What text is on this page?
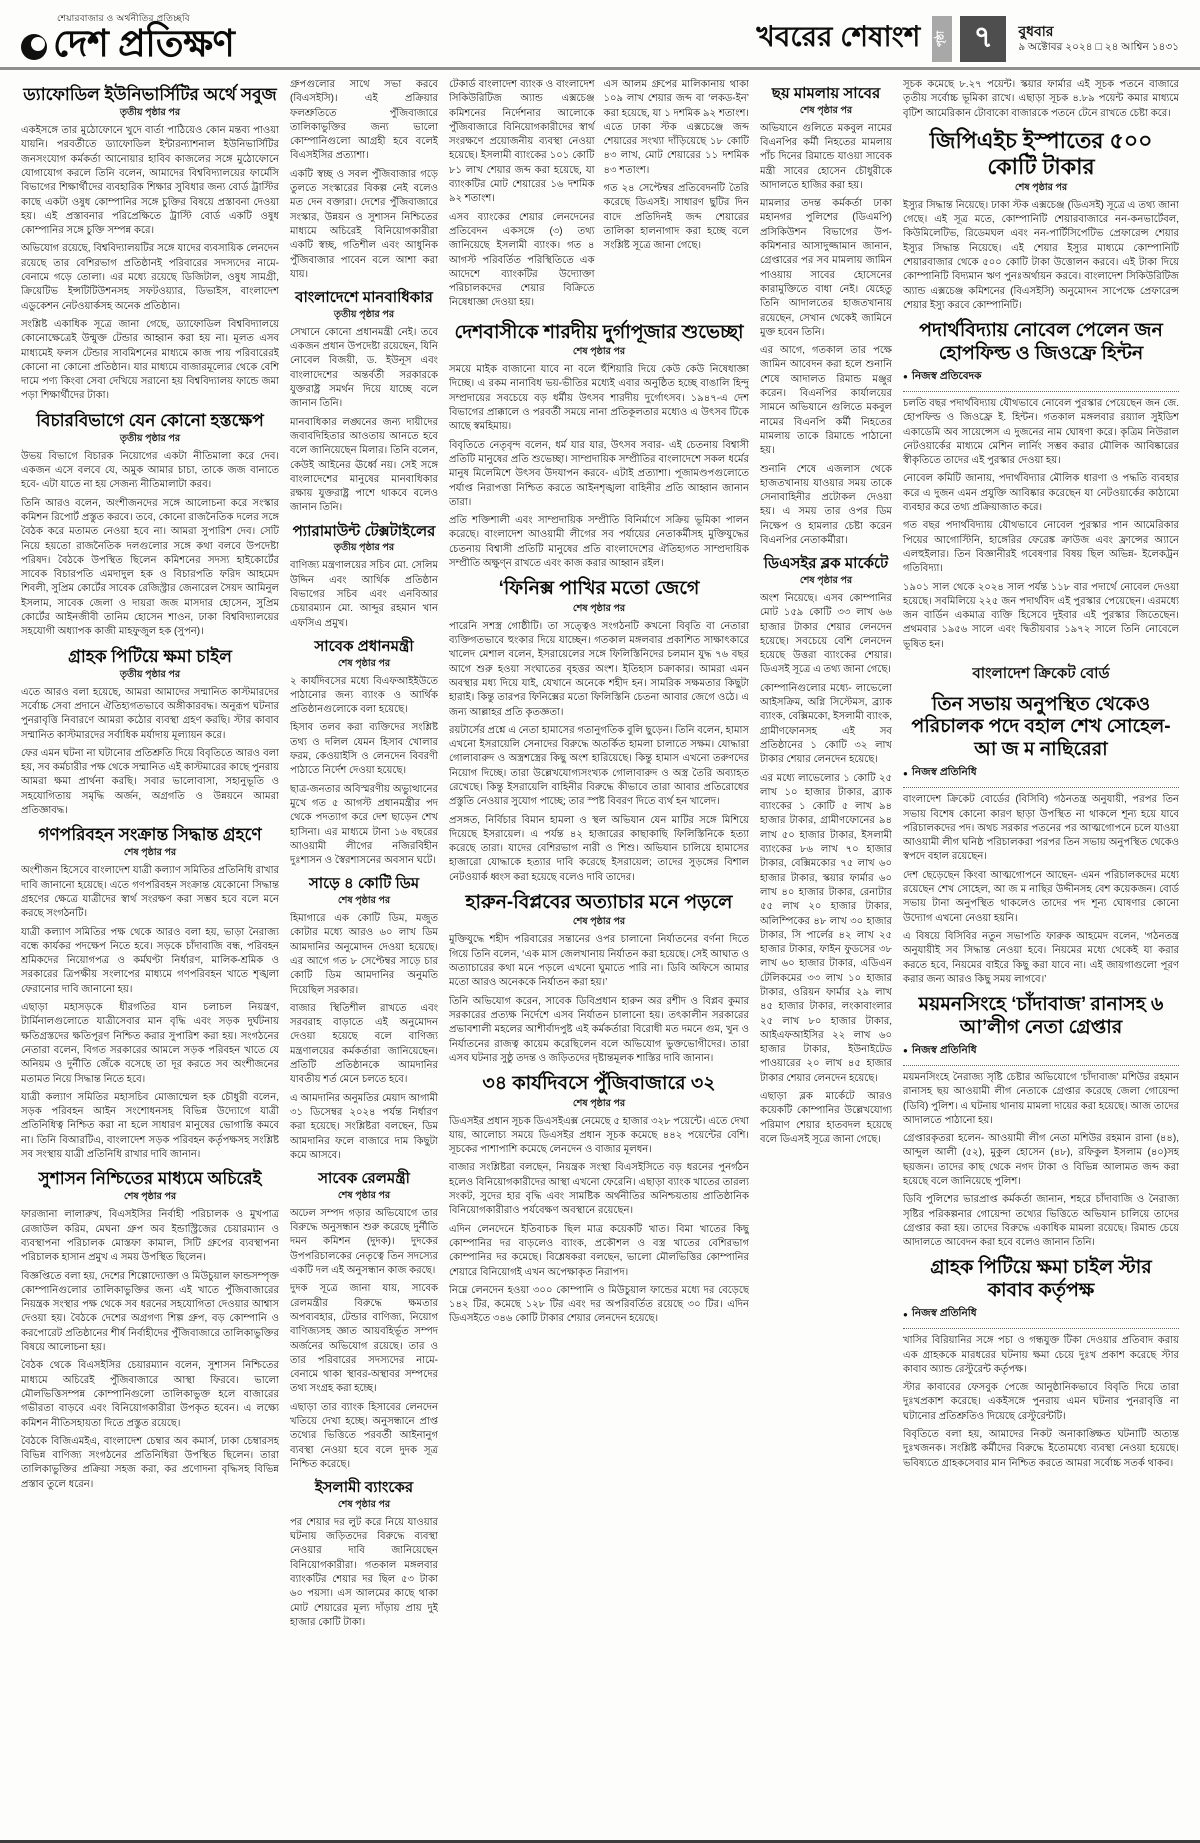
শেয়ারবাজার ও অর্থনীতির প্রতিচ্ছবি
দেশ প্রতিক্ষণ	খবরের শেষাংশ পৃষ্ঠা ৭ বুধবার
৯ অক্টোবর ২০২৪ □ ২৪ আশ্বিন ১৪৩১
ড্যাফোডিল ইউনিভার্সিটির অর্থে সবুজ
তৃতীয় পৃষ্ঠার পর

একইসঙ্গে তার মুঠোফোনে খুদে বার্তা পাঠিয়েও কোন মন্তব্য পাওয়া যায়নি। পরবর্তীতে ড্যাফোডিল ইন্টারন্যাশনাল ইউনিভার্সিটির জনসংযোগ কর্মকর্তা আনোয়ার হাবিব কাজলের সঙ্গে মুঠোফোনে যোগাযোগ করলে তিনি বলেন, আমাদের বিশ্ববিদ্যালয়ের ফার্মেসি বিভাগের শিক্ষার্থীদের ব্যবহারিক শিক্ষার সুবিধার জন্য বোর্ড ট্রাস্টির কাছে একটা ওষুধ কোম্পানির সঙ্গে চুক্তির বিষয়ে প্রস্তাবনা দেওয়া হয়। এই প্রস্তাবনার পরিপ্রেক্ষিতে ট্রাস্টি বোর্ড একটি ওষুধ কোম্পানির সঙ্গে চুক্তি সম্পন্ন করে।

অভিযোগ রয়েছে, বিশ্ববিদ্যালয়টির সঙ্গে যাদের ব্যবসায়িক লেনদেন রয়েছে তার বেশিরভাগ প্রতিষ্ঠানই পরিবারের সদস্যদের নামে-বেনামে গড়ে তোলা। এর মধ্যে রয়েছে ডিজিটাল, ওষুধ সামগ্রী, ক্রিয়েটিভ ইন্সটিটিউশনসহ সফটওয়্যার, ডিভাইস, বাংলাদেশ এডুকেশন নেটওয়ার্কসহ অনেক প্রতিষ্ঠান।

সংশ্লিষ্ট একাধিক সূত্রে জানা গেছে, ড্যাফোডিল বিশ্ববিদ্যালয়ে কোনোক্ষেত্রেই উন্মুক্ত টেন্ডার আহ্বান করা হয় না। মূলত এসব মাধ্যমেই ফলস টেন্ডার সাবমিশনের মাধ্যমে কাজ পায় পরিবারেরই কোনো না কোনো প্রতিষ্ঠান। যার মাধ্যমে বাজারমূল্যের থেকে বেশি দামে পণ্য কিংবা সেবা দেখিয়ে সরানো হয় বিশ্ববিদ্যালয় ফান্ডে জমা পড়া শিক্ষার্থীদের টাকা।

বিচারবিভাগে যেন কোনো হস্তক্ষেপ
তৃতীয় পৃষ্ঠার পর

উভয় বিভাগে বিচারক নিয়োগের একটা নীতিমালা করে দেব। একজন এসে বলবে যে, অমুক আমার চাচা, তাকে জজ বানাতে হবে- এটা যাতে না হয় সেজন্য নীতিমালাটা করব।

তিনি আরও বলেন, অংশীজনদের সঙ্গে আলোচনা করে সংস্কার কমিশন রিপোর্ট প্রস্তুত করবে। তবে, কোনো রাজনৈতিক দলের সঙ্গে বৈঠক করে মতামত নেওয়া হবে না। আমরা সুপারিশ দেব। সেটি নিয়ে হয়তো রাজনৈতিক দলগুলোর সঙ্গে কথা বলবে উপদেষ্টা পরিষদ। বৈঠকে উপস্থিত ছিলেন কমিশনের সদস্য হাইকোর্টের সাবেক বিচারপতি এমদাদুল হক ও বিচারপতি ফরিদ আহমেদ শিবলী, সুপ্রিম কোর্টের সাবেক রেজিস্ট্রার জেনারেল সৈয়দ আমিনুল ইসলাম, সাবেক জেলা ও দায়রা জজ মাসদার হোসেন, সুপ্রিম কোর্টের আইনজীবী তানিম হোসেন শাওন, ঢাকা বিশ্ববিদ্যালয়ের সহযোগী অধ্যাপক কাজী মাহফুজুল হক (সুপন)।

গ্রাহক পিটিয়ে ক্ষমা চাইল
তৃতীয় পৃষ্ঠার পর

এতে আরও বলা হয়েছে, আমরা আমাদের সম্মানিত কাস্টমারদের সর্বোচ্চ সেবা প্রদানে ঐতিহ্যগতভাবে অঙ্গীকারবদ্ধ। অনুরূপ ঘটনার পুনরাবৃত্তি নিবারণে আমরা কঠোর ব্যবস্থা গ্রহণ করছি। স্টার কাবাব সম্মানিত কাস্টমারদের সর্বাধিক মর্যাদায় মূল্যায়ন করে।

ফের এমন ঘটনা না ঘটানোর প্রতিশ্রুতি দিয়ে বিবৃতিতে আরও বলা হয়, সব কর্মচারীর পক্ষ থেকে সম্মানিত এই কাস্টমারের কাছে পুনরায় আমরা ক্ষমা প্রার্থনা করছি। সবার ভালোবাসা, সহানুভূতি ও সহযোগিতায় সমৃদ্ধি অর্জন, অগ্রগতি ও উন্নয়নে আমরা প্রতিজ্ঞাবদ্ধ।

গণপরিবহন সংক্রান্ত সিদ্ধান্ত গ্রহণে
শেষ পৃষ্ঠার পর

অংশীজন হিসেবে বাংলাদেশ যাত্রী কল্যাণ সমিতির প্রতিনিধি রাখার দাবি জানানো হয়েছে। এতে গণপরিবহন সংক্রান্ত যেকোনো সিদ্ধান্ত গ্রহণের ক্ষেত্রে যাত্রীদের স্বার্থ সংরক্ষণ করা সম্ভব হবে বলে মনে করছে সংগঠনটি।

যাত্রী কল্যাণ সমিতির পক্ষ থেকে আরও বলা হয়, ভাড়া নৈরাজ্য বন্ধে কার্যকর পদক্ষেপ নিতে হবে। সড়কে চাঁদাবাজি বন্ধ, পরিবহন শ্রমিকদের নিয়োগপত্র ও কর্মঘণ্টা নির্ধারণ, মালিক-শ্রমিক ও সরকারের ত্রিপক্ষীয় সংলাপের মাধ্যমে গণপরিবহন খাতে শৃঙ্খলা ফেরানোর দাবি জানানো হয়।

এছাড়া মহাসড়কে ধীরগতির যান চলাচল নিয়ন্ত্রণ, টার্মিনালগুলোতে যাত্রীসেবার মান বৃদ্ধি এবং সড়ক দুর্ঘটনায় ক্ষতিগ্রস্তদের ক্ষতিপূরণ নিশ্চিত করার সুপারিশ করা হয়। সংগঠনের নেতারা বলেন, বিগত সরকারের আমলে সড়ক পরিবহন খাতে যে অনিয়ম ও দুর্নীতি জেঁকে বসেছে তা দূর করতে সব অংশীজনের মতামত নিয়ে সিদ্ধান্ত নিতে হবে।

যাত্রী কল্যাণ সমিতির মহাসচিব মোজাম্মেল হক চৌধুরী বলেন, সড়ক পরিবহন আইন সংশোধনসহ বিভিন্ন উদ্যোগে যাত্রী প্রতিনিধিত্ব নিশ্চিত করা না হলে সাধারণ মানুষের ভোগান্তি কমবে না। তিনি বিআরটিএ, বাংলাদেশ সড়ক পরিবহন কর্তৃপক্ষসহ সংশ্লিষ্ট সব সংস্থায় যাত্রী প্রতিনিধি রাখার দাবি জানান।

সুশাসন নিশ্চিতের মাধ্যমে অচিরেই
শেষ পৃষ্ঠার পর

ফারজানা লালারুখ, বিএসইসির নির্বাহী পরিচালক ও মুখপাত্র রেজাউল করিম, মেঘনা গ্রুপ অব ইন্ডাস্ট্রিজের চেয়ারম্যান ও ব্যবস্থাপনা পরিচালক মোস্তফা কামাল, সিটি গ্রুপের ব্যবস্থাপনা পরিচালক হাসান প্রমুখ এ সময় উপস্থিত ছিলেন।

বিজ্ঞপ্তিতে বলা হয়, দেশের শিল্পোদ্যোক্তা ও মিউচুয়াল ফান্ডসম্পৃক্ত কোম্পানিগুলোর তালিকাভুক্তির জন্য এই খাতে পুঁজিবাজারের নিয়ন্ত্রক সংস্থার পক্ষ থেকে সব ধরনের সহযোগিতা দেওয়ার আশ্বাস দেওয়া হয়। বৈঠকে দেশের অগ্রগণ্য শিল্প গ্রুপ, বড় কোম্পানি ও করপোরেট প্রতিষ্ঠানের শীর্ষ নির্বাহীদের পুঁজিবাজারে তালিকাভুক্তির বিষয়ে আলোচনা হয়।

বৈঠক থেকে বিএসইসির চেয়ারম্যান বলেন, সুশাসন নিশ্চিতের মাধ্যমে অচিরেই পুঁজিবাজারে আস্থা ফিরবে। ভালো মৌলভিত্তিসম্পন্ন কোম্পানিগুলো তালিকাভুক্ত হলে বাজারের গভীরতা বাড়বে এবং বিনিয়োগকারীরা উপকৃত হবেন। এ লক্ষ্যে কমিশন নীতিসহায়তা দিতে প্রস্তুত রয়েছে।

বৈঠকে বিজিএমইএ, বাংলাদেশ চেম্বার অব কমার্স, ঢাকা চেম্বারসহ বিভিন্ন বাণিজ্য সংগঠনের প্রতিনিধিরা উপস্থিত ছিলেন। তারা তালিকাভুক্তির প্রক্রিয়া সহজ করা, কর প্রণোদনা বৃদ্ধিসহ বিভিন্ন প্রস্তাব তুলে ধরেন।

গ্রুপগুলোর সাথে সভা করবে (বিএসইসি)। এই প্রক্রিয়ার ফলশ্রুতিতে পুঁজিবাজারে তালিকাভুক্তির জন্য ভালো কোম্পানিগুলো আগ্রহী হবে বলেই বিএসইসির প্রত্যাশা।

একটি স্বচ্ছ ও সবল পুঁজিবাজার গড়ে তুলতে সংস্কারের বিকল্প নেই বলেও মত দেন বক্তারা। দেশের পুঁজিবাজারে সংস্কার, উন্নয়ন ও সুশাসন নিশ্চিতের মাধ্যমে অচিরেই বিনিয়োগকারীরা একটি স্বচ্ছ, গতিশীল এবং আধুনিক পুঁজিবাজার পাবেন বলে আশা করা যায়।

বাংলাদেশে মানবাধিকার
তৃতীয় পৃষ্ঠার পর

সেখানে কোনো প্রধানমন্ত্রী নেই। তবে একজন প্রধান উপদেষ্টা রয়েছেন, যিনি নোবেল বিজয়ী, ড. ইউনূস এবং বাংলাদেশের অন্তর্বর্তী সরকারকে যুক্তরাষ্ট্র সমর্থন দিয়ে যাচ্ছে বলে জানান তিনি।

মানবাধিকার লঙ্ঘনের জন্য দায়ীদের জবাবদিহিতার আওতায় আনতে হবে বলে জানিয়েছেন মিলার। তিনি বলেন, কেউই আইনের ঊর্ধ্বে নয়। সেই সঙ্গে বাংলাদেশের মানুষের মানবাধিকার রক্ষায় যুক্তরাষ্ট্র পাশে থাকবে বলেও জানান তিনি।

প্যারামাউন্ট টেক্সটাইলের
তৃতীয় পৃষ্ঠার পর

বাণিজ্য মন্ত্রণালয়ের সচিব মো. সেলিম উদ্দিন এবং আর্থিক প্রতিষ্ঠান বিভাগের সচিব এবং এনবিআর চেয়ারম্যান মো. আব্দুর রহমান খান এফসিএ প্রমুখ।

সাবেক প্রধানমন্ত্রী
শেষ পৃষ্ঠার পর

২ কার্যদিবসের মধ্যে বিএফআইইউতে পাঠানোর জন্য ব্যাংক ও আর্থিক প্রতিষ্ঠানগুলোকে বলা হয়েছে।

হিসাব তলব করা ব্যক্তিদের সংশ্লিষ্ট তথ্য ও দলিল যেমন হিসাব খোলার ফরম, কেওয়াইসি ও লেনদেন বিবরণী পাঠাতে নির্দেশ দেওয়া হয়েছে।

ছাত্র-জনতার অবিস্মরণীয় অভ্যুত্থানের মুখে গত ৫ আগস্ট প্রধানমন্ত্রীর পদ থেকে পদত্যাগ করে দেশ ছাড়েন শেখ হাসিনা। এর মাধ্যমে টানা ১৬ বছরের আওয়ামী লীগের নজিরবিহীন দুঃশাসন ও স্বৈরশাসনের অবসান ঘটে।

সাড়ে ৪ কোটি ডিম
শেষ পৃষ্ঠার পর

হিমাগারে এক কোটি ডিম, মজুত কোটার মধ্যে আরও ৬০ লাখ ডিম আমদানির অনুমোদন দেওয়া হয়েছে। এর আগে গত ৮ সেপ্টেম্বর সাড়ে চার কোটি ডিম আমদানির অনুমতি দিয়েছিল সরকার।

বাজার স্থিতিশীল রাখতে এবং সরবরাহ বাড়াতে এই অনুমোদন দেওয়া হয়েছে বলে বাণিজ্য মন্ত্রণালয়ের কর্মকর্তারা জানিয়েছেন। প্রতিটি প্রতিষ্ঠানকে আমদানির যাবতীয় শর্ত মেনে চলতে হবে।

এ আমদানির অনুমতির মেয়াদ আগামী ৩১ ডিসেম্বর ২০২৪ পর্যন্ত নির্ধারণ করা হয়েছে। সংশ্লিষ্টরা বলছেন, ডিম আমদানির ফলে বাজারে দাম কিছুটা কমে আসবে।

সাবেক রেলমন্ত্রী
শেষ পৃষ্ঠার পর

অঢেল সম্পদ গড়ার অভিযোগে তার বিরুদ্ধে অনুসন্ধান শুরু করেছে দুর্নীতি দমন কমিশন (দুদক)। দুদকের উপপরিচালকের নেতৃত্বে তিন সদস্যের একটি দল এই অনুসন্ধান কাজ করছে।

দুদক সূত্রে জানা যায়, সাবেক রেলমন্ত্রীর বিরুদ্ধে ক্ষমতার অপব্যবহার, টেন্ডার বাণিজ্য, নিয়োগ বাণিজ্যসহ জ্ঞাত আয়বহির্ভূত সম্পদ অর্জনের অভিযোগ রয়েছে। তার ও তার পরিবারের সদস্যদের নামে-বেনামে থাকা স্থাবর-অস্থাবর সম্পদের তথ্য সংগ্রহ করা হচ্ছে।

এছাড়া তার ব্যাংক হিসাবের লেনদেন খতিয়ে দেখা হচ্ছে। অনুসন্ধানে প্রাপ্ত তথ্যের ভিত্তিতে পরবর্তী আইনানুগ ব্যবস্থা নেওয়া হবে বলে দুদক সূত্র নিশ্চিত করেছে।

ইসলামী ব্যাংকের
শেষ পৃষ্ঠার পর

পর শেয়ার দর লুট করে নিয়ে যাওয়ার ঘটনায় জড়িতদের বিরুদ্ধে ব্যবস্থা নেওয়ার দাবি জানিয়েছেন বিনিয়োগকারীরা। গতকাল মঙ্গলবার ব্যাংকটির শেয়ার দর ছিল ৫৩ টাকা ৬০ পয়সা। এস আলমের কাছে থাকা মোট শেয়ারের মূল্য দাঁড়ায় প্রায় দুই হাজার কোটি টাকা।

টেকার্ড বাংলাদেশ ব্যাংক ও বাংলাদেশ সিকিউরিটিজ অ্যান্ড এক্সচেঞ্জ কমিশনের নির্দেশনার আলোকে পুঁজিবাজারে বিনিয়োগকারীদের স্বার্থ সংরক্ষণে প্রয়োজনীয় ব্যবস্থা নেওয়া হয়েছে। ইসলামী ব্যাংকের ১০১ কোটি ৮১ লাখ শেয়ার জব্দ করা হয়েছে, যা ব্যাংকটির মোট শেয়ারের ১৬ দশমিক ৯২ শতাংশ।

এসব ব্যাংকের শেয়ার লেনদেনের প্রতিবেদন একসঙ্গে (৩) তথ্য জানিয়েছে ইসলামী ব্যাংক। গত ৪ আগস্ট পরিবর্তিত পরিস্থিতিতে এক আদেশে ব্যাংকটির উদ্যোক্তা পরিচালকদের শেয়ার বিক্রিতে নিষেধাজ্ঞা দেওয়া হয়।

এস আলম গ্রুপের মালিকানায় থাকা ১০৯ লাখ শেয়ার জব্দ বা ‘লকড-ইন’ করা হয়েছে, যা ১ দশমিক ৯২ শতাংশ। এতে ঢাকা স্টক এক্সচেঞ্জে জব্দ শেয়ারের সংখ্যা দাঁড়িয়েছে ১৮ কোটি ৪৩ লাখ, মোট শেয়ারের ১১ দশমিক ৪৩ শতাংশ।

গত ২৪ সেপ্টেম্বর প্রতিবেদনটি তৈরি করেছে ডিএসই। সাধারণ ছুটির দিন বাদে প্রতিদিনই জব্দ শেয়ারের তালিকা হালনাগাদ করা হচ্ছে বলে সংশ্লিষ্ট সূত্রে জানা গেছে।

দেশবাসীকে শারদীয় দুর্গাপূজার শুভেচ্ছা
শেষ পৃষ্ঠার পর

সময়ে মাইক বাজানো যাবে না বলে হুঁশিয়ারি দিয়ে কেউ কেউ নিষেধাজ্ঞা দিচ্ছে। এ রকম নানাবিধ ভয়-ভীতির মধ্যেই এবার অনুষ্ঠিত হচ্ছে বাঙালি হিন্দু সম্প্রদায়ের সবচেয়ে বড় ধর্মীয় উৎসব শারদীয় দুর্গোৎসব। ১৯৪৭-এ দেশ বিভাগের প্রাক্কালে ও পরবর্তী সময়ে নানা প্রতিকূলতার মধ্যেও এ উৎসব টিকে আছে স্বমহিমায়।

বিবৃতিতে নেতৃবৃন্দ বলেন, ধর্ম যার যার, উৎসব সবার- এই চেতনায় বিশ্বাসী প্রতিটি মানুষের প্রতি শুভেচ্ছা। সাম্প্রদায়িক সম্প্রীতির বাংলাদেশে সকল ধর্মের মানুষ মিলেমিশে উৎসব উদযাপন করবে- এটাই প্রত্যাশা। পূজামণ্ডপগুলোতে পর্যাপ্ত নিরাপত্তা নিশ্চিত করতে আইনশৃঙ্খলা বাহিনীর প্রতি আহ্বান জানান তারা।

প্রতি শক্তিশালী এবং সাম্প্রদায়িক সম্প্রীতি বিনির্মাণে সক্রিয় ভূমিকা পালন করেছে। বাংলাদেশ আওয়ামী লীগের সব পর্যায়ের নেতাকর্মীসহ মুক্তিযুদ্ধের চেতনায় বিশ্বাসী প্রতিটি মানুষের প্রতি বাংলাদেশের ঐতিহ্যগত সাম্প্রদায়িক সম্প্রীতি অক্ষুণ্ন রাখতে এবং কাজ করার আহ্বান রইল।

‘ফিনিক্স পাখির মতো জেগে
শেষ পৃষ্ঠার পর

পারেনি সশস্ত্র গোষ্ঠীটি। তা সত্ত্বেও সংগঠনটি কখনো বিবৃতি বা নেতারা ব্যক্তিগতভাবে হুংকার দিয়ে যাচ্ছেন। গতকাল মঙ্গলবার প্রকাশিত সাক্ষাৎকারে খালেদ মেশাল বলেন, ইসরায়েলের সঙ্গে ফিলিস্তিনিদের চলমান যুদ্ধ ৭৬ বছর আগে শুরু হওয়া সংঘাতের বৃহত্তর অংশ। ইতিহাস চক্রাকার। আমরা এমন অবস্থার মধ্য দিয়ে যাই, যেখানে অনেকে শহীদ হন। সামরিক সক্ষমতার কিছুটা হারাই। কিন্তু তারপর ফিনিক্সের মতো ফিলিস্তিনি চেতনা আবার জেগে ওঠে। এ জন্য আল্লাহর প্রতি কৃতজ্ঞতা।

রয়টার্সের প্রশ্নে এ নেতা হামাসের গতানুগতিক বুলি ছুড়েন। তিনি বলেন, হামাস এখনো ইসরায়েলি সেনাদের বিরুদ্ধে অতর্কিত হামলা চালাতে সক্ষম। যোদ্ধারা গোলাবারুদ ও অস্ত্রশস্ত্রের কিছু অংশ হারিয়েছে। কিন্তু হামাস এখনো তরুণদের নিয়োগ দিচ্ছে। তারা উল্লেখযোগ্যসংখ্যক গোলাবারুদ ও অস্ত্র তৈরি অব্যাহত রেখেছে। কিন্তু ইসরায়েলি বাহিনীর বিরুদ্ধে কীভাবে তারা আবার প্রতিরোধের প্রস্তুতি নেওয়ার সুযোগ পাচ্ছে; তার স্পষ্ট বিবরণ দিতে ব্যর্থ হন খালেদ।

প্রসঙ্গত, নির্বিচার বিমান হামলা ও স্থল অভিযান যেন মাটির সঙ্গে মিশিয়ে দিয়েছে ইসরায়েল। এ পর্যন্ত ৪২ হাজারের কাছাকাছি ফিলিস্তিনিকে হত্যা করেছে তারা। যাদের বেশিরভাগ নারী ও শিশু। অভিযান চালিয়ে হামাসের হাজারো যোদ্ধাকে হত্যার দাবি করেছে ইসরায়েল; তাদের সুড়ঙ্গের বিশাল নেটওয়ার্ক ধ্বংস করা হয়েছে বলেও দাবি তাদের।

হারুন-বিপ্লবের অত্যাচার মনে পড়লে
শেষ পৃষ্ঠার পর

মুক্তিযুদ্ধে শহীদ পরিবারের সন্তানের ওপর চালানো নির্যাতনের বর্ণনা দিতে গিয়ে তিনি বলেন, ‘এক মাস জেলখানায় নির্যাতন করা হয়েছে। সেই আঘাত ও অত্যাচারের কথা মনে পড়লে এখনো ঘুমাতে পারি না। ডিবি অফিসে আমার মতো আরও অনেককে নির্যাতন করা হয়।’

তিনি অভিযোগ করেন, সাবেক ডিবিপ্রধান হারুন অর রশীদ ও বিপ্লব কুমার সরকারের প্রত্যক্ষ নির্দেশে এসব নির্যাতন চালানো হয়। তৎকালীন সরকারের প্রভাবশালী মহলের আশীর্বাদপুষ্ট এই কর্মকর্তারা বিরোধী মত দমনে গুম, খুন ও নির্যাতনের রাজত্ব কায়েম করেছিলেন বলে অভিযোগ ভুক্তভোগীদের। তারা এসব ঘটনার সুষ্ঠু তদন্ত ও জড়িতদের দৃষ্টান্তমূলক শাস্তির দাবি জানান।

৩৪ কার্যদিবসে পুঁজিবাজারে ৩২
শেষ পৃষ্ঠার পর

ডিএসইর প্রধান সূচক ডিএসইএক্স নেমেছে ৫ হাজার ৩২৮ পয়েন্টে। এতে দেখা যায়, আলোচ্য সময়ে ডিএসইর প্রধান সূচক কমেছে ৪৪২ পয়েন্টের বেশি। সূচকের পাশাপাশি কমেছে লেনদেন ও বাজার মূলধন।

বাজার সংশ্লিষ্টরা বলছেন, নিয়ন্ত্রক সংস্থা বিএসইসিতে বড় ধরনের পুনর্গঠন হলেও বিনিয়োগকারীদের আস্থা এখনো ফেরেনি। এছাড়া ব্যাংক খাতের তারল্য সংকট, সুদের হার বৃদ্ধি এবং সামষ্টিক অর্থনীতির অনিশ্চয়তায় প্রাতিষ্ঠানিক বিনিয়োগকারীরাও পর্যবেক্ষণ অবস্থানে রয়েছেন।

এদিন লেনদেনে ইতিবাচক ছিল মাত্র কয়েকটি খাত। বিমা খাতের কিছু কোম্পানির দর বাড়লেও ব্যাংক, প্রকৌশল ও বস্ত্র খাতের বেশিরভাগ কোম্পানির দর কমেছে। বিশ্লেষকরা বলছেন, ভালো মৌলভিত্তির কোম্পানির শেয়ারে বিনিয়োগই এখন অপেক্ষাকৃত নিরাপদ।

নিম্নে লেনদেন হওয়া ৩০০ কোম্পানি ও মিউচুয়াল ফান্ডের মধ্যে দর বেড়েছে ১৪২ টির, কমেছে ১২৮ টির এবং দর অপরিবর্তিত রয়েছে ৩০ টির। এদিন ডিএসইতে ৩৪৬ কোটি টাকার শেয়ার লেনদেন হয়েছে।

ছয় মামলায় সাবের
শেষ পৃষ্ঠার পর

অভিযানে গুলিতে মকবুল নামের বিএনপির কর্মী নিহতের মামলায় পাঁচ দিনের রিমান্ডে যাওয়া সাবেক মন্ত্রী সাবের হোসেন চৌধুরীকে আদালতে হাজির করা হয়।

মামলার তদন্ত কর্মকর্তা ঢাকা মহানগর পুলিশের (ডিএমপি) প্রসিকিউশন বিভাগের উপ-কমিশনার আসাদুজ্জামান জানান, গ্রেপ্তারের পর সব মামলায় জামিন পাওয়ায় সাবের হোসেনের কারামুক্তিতে বাধা নেই। যেহেতু তিনি আদালতের হাজতখানায় রয়েছেন, সেখান থেকেই জামিনে মুক্ত হবেন তিনি।

এর আগে, গতকাল তার পক্ষে জামিন আবেদন করা হলে শুনানি শেষে আদালত রিমান্ড মঞ্জুর করেন। বিএনপির কার্যালয়ের সামনে অভিযানে গুলিতে মকবুল নামের বিএনপি কর্মী নিহতের মামলায় তাকে রিমান্ডে পাঠানো হয়।

শুনানি শেষে এজলাস থেকে হাজতখানায় যাওয়ার সময় তাকে সেনাবাহিনীর প্রটোকল দেওয়া হয়। এ সময় তার ওপর ডিম নিক্ষেপ ও হামলার চেষ্টা করেন বিএনপির নেতাকর্মীরা।

ডিএসইর ব্লক মার্কেটে
শেষ পৃষ্ঠার পর

অংশ নিয়েছে। এসব কোম্পানির মোট ১৫৯ কোটি ৩৩ লাখ ৬৬ হাজার টাকার শেয়ার লেনদেন হয়েছে। সবচেয়ে বেশি লেনদেন হয়েছে উত্তরা ব্যাংকের শেয়ার। ডিএসই সূত্রে এ তথ্য জানা গেছে।

কোম্পানিগুলোর মধ্যে- লাভেলো আইসক্রিম, অগ্নি সিস্টেমস, ব্র্যাক ব্যাংক, বেক্সিমকো, ইসলামী ব্যাংক, গ্রামীণফোনসহ এই সব প্রতিষ্ঠানের ১ কোটি ৩২ লাখ টাকার শেয়ার লেনদেন হয়েছে।

এর মধ্যে লাভেলোর ১ কোটি ২৫ লাখ ১০ হাজার টাকার, ব্র্যাক ব্যাংকের ১ কোটি ৫ লাখ ৯৪ হাজার টাকার, গ্রামীণফোনের ৯৪ লাখ ৫০ হাজার টাকার, ইসলামী ব্যাংকের ৮৬ লাখ ৭০ হাজার টাকার, বেক্সিমকোর ৭৫ লাখ ৬০ হাজার টাকার, স্কয়ার ফার্মার ৬০ লাখ ৪০ হাজার টাকার, রেনাটার ৫৫ লাখ ২০ হাজার টাকার, অলিম্পিকের ৪৮ লাখ ৩০ হাজার টাকার, সি পার্লের ৪২ লাখ ২৫ হাজার টাকার, ফাইন ফুডসের ৩৮ লাখ ৬০ হাজার টাকার, এডিএন টেলিকমের ৩৩ লাখ ১০ হাজার টাকার, ওরিয়ন ফার্মার ২৯ লাখ ৪৫ হাজার টাকার, লংকাবাংলার ২৫ লাখ ৮০ হাজার টাকার, আইএফআইসির ২২ লাখ ৬০ হাজার টাকার, ইউনাইটেড পাওয়ারের ২০ লাখ ৪৫ হাজার টাকার শেয়ার লেনদেন হয়েছে।

এছাড়া ব্লক মার্কেটে আরও কয়েকটি কোম্পানির উল্লেখযোগ্য পরিমাণ শেয়ার হাতবদল হয়েছে বলে ডিএসই সূত্রে জানা গেছে।

সূচক কমেছে ৮.২৭ পয়েন্ট। স্কয়ার ফার্মার এই সূচক পতনে বাজারে তৃতীয় সর্বোচ্চ ভূমিকা রাখে। এছাড়া সূচক ৪.৮৯ পয়েন্ট কমার মাধ্যমে বৃটিশ আমেরিকান টোবাকো বাজারকে পতনে টেনে রাখতে চেষ্টা করে।

জিপিএইচ ইস্পাতের ৫০০ কোটি টাকার
শেষ পৃষ্ঠার পর

ইস্যুর সিদ্ধান্ত নিয়েছে। ঢাকা স্টক এক্সচেঞ্জ (ডিএসই) সূত্রে এ তথ্য জানা গেছে। এই সূত্র মতে, কোম্পানিটি শেয়ারবাজারে নন-কনভার্টেবল, কিউমিলেটিভ, রিডেমঘল এবং নন-পার্টিসিপেটিভ প্রেফারেন্স শেয়ার ইস্যুর সিদ্ধান্ত নিয়েছে। এই শেয়ার ইস্যুর মাধ্যমে কোম্পানিটি শেয়ারবাজার থেকে ৫০০ কোটি টাকা উত্তোলন করবে। এই টাকা দিয়ে কোম্পানিটি বিদ্যমান ঋণ পুনঃঅর্থায়ন করবে। বাংলাদেশ সিকিউরিটিজ অ্যান্ড এক্সচেঞ্জ কমিশনের (বিএসইসি) অনুমোদন সাপেক্ষে প্রেফারেন্স শেয়ার ইস্যু করবে কোম্পানিটি।

পদার্থবিদ্যায় নোবেল পেলেন জন হোপফিল্ড ও জিওফ্রে হিন্টন
● নিজস্ব প্রতিবেদক

চলতি বছর পদার্থবিদ্যায় যৌথভাবে নোবেল পুরস্কার পেয়েছেন জন জে. হোপফিল্ড ও জিওফ্রে ই. হিন্টন। গতকাল মঙ্গলবার রয়্যাল সুইডিশ একাডেমি অব সায়েন্সেস এ দুজনের নাম ঘোষণা করে। কৃত্রিম নিউরাল নেটওয়ার্কের মাধ্যমে মেশিন লার্নিং সম্ভব করার মৌলিক আবিষ্কারের স্বীকৃতিতে তাদের এই পুরস্কার দেওয়া হয়।

নোবেল কমিটি জানায়, পদার্থবিদ্যার মৌলিক ধারণা ও পদ্ধতি ব্যবহার করে এ দুজন এমন প্রযুক্তি আবিষ্কার করেছেন যা নেটওয়ার্কের কাঠামো ব্যবহার করে তথ্য প্রক্রিয়াজাত করে।

গত বছর পদার্থবিদ্যায় যৌথভাবে নোবেল পুরস্কার পান আমেরিকার পিয়ের আগোস্টিনি, হাঙ্গেরির ফেরেঙ্ক ক্রাউজ এবং ফ্রান্সের অ্যানে এলহুইলার। তিন বিজ্ঞানীরই গবেষণার বিষয় ছিল অভিন্ন- ইলেকট্রন গতিবিদ্যা।

১৯০১ সাল থেকে ২০২৪ সাল পর্যন্ত ১১৮ বার পদার্থে নোবেল দেওয়া হয়েছে। সবমিলিয়ে ২২৫ জন পদার্থবিদ এই পুরস্কার পেয়েছেন। এরমধ্যে জন বার্ডিন একমাত্র ব্যক্তি হিসেবে দুইবার এই পুরস্কার জিতেছেন। প্রথমবার ১৯৫৬ সালে এবং দ্বিতীয়বার ১৯৭২ সালে তিনি নোবেলে ভূষিত হন।

বাংলাদেশ ক্রিকেট বোর্ড
তিন সভায় অনুপস্থিত থেকেও পরিচালক পদে বহাল শেখ সোহেল-আ জ ম নাছিরেরা
● নিজস্ব প্রতিনিধি

বাংলাদেশ ক্রিকেট বোর্ডের (বিসিবি) গঠনতন্ত্র অনুযায়ী, পরপর তিন সভায় বিশেষ কোনো কারণ ছাড়া উপস্থিত না থাকলে শূন্য হয়ে যাবে পরিচালকদের পদ। অথচ সরকার পতনের পর আত্মগোপনে চলে যাওয়া আওয়ামী লীগ ঘনিষ্ঠ পরিচালকরা পরপর তিন সভায় অনুপস্থিত থেকেও স্বপদে বহাল রয়েছেন।

দেশ ছেড়েছেন কিংবা আত্মগোপনে আছেন- এমন পরিচালকদের মধ্যে রয়েছেন শেখ সোহেল, আ জ ম নাছির উদ্দীনসহ বেশ কয়েকজন। বোর্ড সভায় টানা অনুপস্থিত থাকলেও তাদের পদ শূন্য ঘোষণার কোনো উদ্যোগ এখনো নেওয়া হয়নি।

এ বিষয়ে বিসিবির নতুন সভাপতি ফারুক আহমেদ বলেন, ‘গঠনতন্ত্র অনুযায়ীই সব সিদ্ধান্ত নেওয়া হবে। নিয়মের মধ্যে থেকেই যা করার করতে হবে, নিয়মের বাইরে কিছু করা যাবে না। এই জায়গাগুলো পূরণ করার জন্য আরও কিছু সময় লাগবে।’

ময়মনসিংহে ‘চাঁদাবাজ’ রানাসহ ৬ আ’লীগ নেতা গ্রেপ্তার
● নিজস্ব প্রতিনিধি

ময়মনসিংহে নৈরাজ্য সৃষ্টি চেষ্টার অভিযোগে ‘চাঁদাবাজ’ মশিউর রহমান রানাসহ ছয় আওয়ামী লীগ নেতাকে গ্রেপ্তার করেছে জেলা গোয়েন্দা (ডিবি) পুলিশ। এ ঘটনায় থানায় মামলা দায়ের করা হয়েছে। আজ তাদের আদালতে পাঠানো হয়।

গ্রেপ্তারকৃতরা হলেন- আওয়ামী লীগ নেতা মশিউর রহমান রানা (৪৪), আব্দুল আলী (৫২), মুকুল হোসেন (৪৮), রফিকুল ইসলাম (৪০)সহ ছয়জন। তাদের কাছ থেকে নগদ টাকা ও বিভিন্ন আলামত জব্দ করা হয়েছে বলে জানিয়েছে পুলিশ।

ডিবি পুলিশের ভারপ্রাপ্ত কর্মকর্তা জানান, শহরে চাঁদাবাজি ও নৈরাজ্য সৃষ্টির পরিকল্পনার গোয়েন্দা তথ্যের ভিত্তিতে অভিযান চালিয়ে তাদের গ্রেপ্তার করা হয়। তাদের বিরুদ্ধে একাধিক মামলা রয়েছে। রিমান্ড চেয়ে আদালতে আবেদন করা হবে বলেও জানান তিনি।

গ্রাহক পিটিয়ে ক্ষমা চাইল স্টার কাবাব কর্তৃপক্ষ
● নিজস্ব প্রতিনিধি

খাসির বিরিয়ানির সঙ্গে পচা ও গন্ধযুক্ত টিকা দেওয়ার প্রতিবাদ করায় এক গ্রাহককে মারধরের ঘটনায় ক্ষমা চেয়ে দুঃখ প্রকাশ করেছে স্টার কাবাব অ্যান্ড রেস্টুরেন্ট কর্তৃপক্ষ।

স্টার কাবাবের ফেসবুক পেজে আনুষ্ঠানিকভাবে বিবৃতি দিয়ে তারা দুঃখপ্রকাশ করেছে। একইসঙ্গে পুনরায় এমন ঘটনার পুনরাবৃত্তি না ঘটানোর প্রতিশ্রুতিও দিয়েছে রেস্টুরেন্টটি।

বিবৃতিতে বলা হয়, আমাদের নিকট অনাকাঙ্ক্ষিত ঘটনাটি অত্যন্ত দুঃখজনক। সংশ্লিষ্ট কর্মীদের বিরুদ্ধে ইতোমধ্যে ব্যবস্থা নেওয়া হয়েছে। ভবিষ্যতে গ্রাহকসেবার মান নিশ্চিত করতে আমরা সর্বোচ্চ সতর্ক থাকব।
